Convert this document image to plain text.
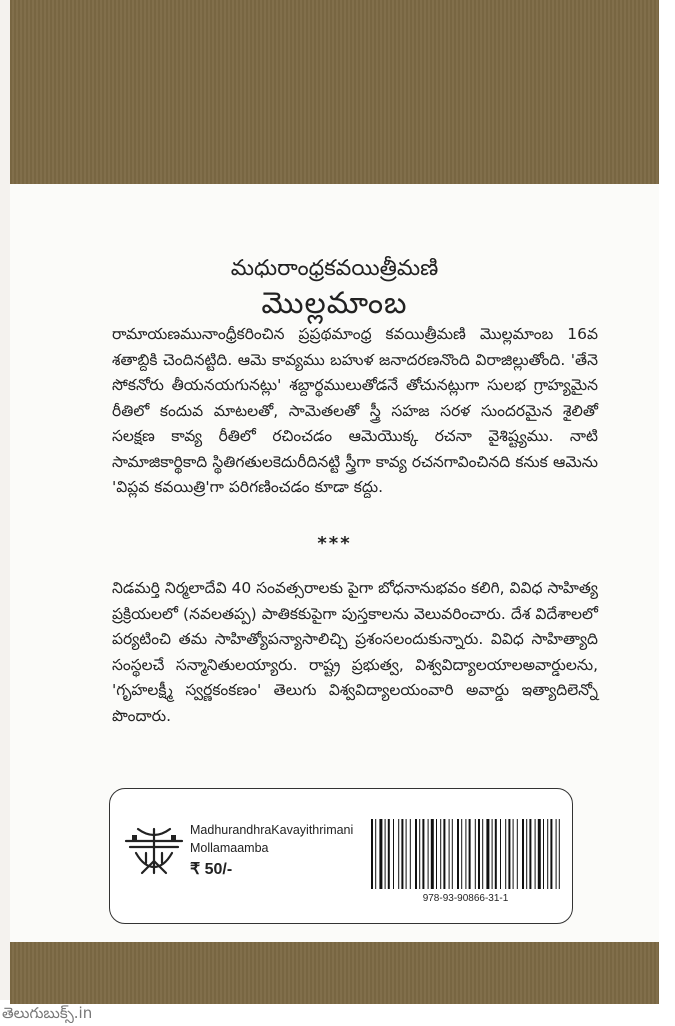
మధురాంధ్రకవయిత్రీమణి
మొల్లమాంబ

రామాయణమునాంధ్రీకరించిన ప్రప్రథమాంధ్ర కవయిత్రీమణి మొల్లమాంబ 16వ శతాబ్దికి చెందినట్టిది. ఆమె కావ్యము బహుళ జనాదరణనొంది విరాజిల్లుతోంది. 'తేనె సోకనోరు తీయనయగునట్లు' శబ్దార్థములుతోడనే తోచునట్లుగా సులభ గ్రాహ్యమైన రీతిలో కందువ మాటలతో, సామెతలతో స్త్రీ సహజ సరళ సుందరమైన శైలితో సలక్షణ కావ్య రీతిలో రచించడం ఆమెయొక్క రచనా వైశిష్ట్యము. నాటి సామాజికార్థికాది స్థితిగతులకెదురీదినట్టి స్త్రీగా కావ్య రచనగావించినది కనుక ఆమెను 'విప్లవ కవయిత్రి'గా పరిగణించడం కూడా కద్దు.

***

నిడమర్తి నిర్మలాదేవి 40 సంవత్సరాలకు పైగా బోధనానుభవం కలిగి, వివిధ సాహిత్య ప్రక్రియలలో (నవలతప్ప) పాతికకుపైగా పుస్తకాలను వెలువరించారు. దేశ విదేశాలలో పర్యటించి తమ సాహిత్యోపన్యాసాలిచ్చి ప్రశంసలందుకున్నారు. వివిధ సాహిత్యాది సంస్థలచే సన్మానితులయ్యారు. రాష్ట్ర ప్రభుత్వ, విశ్వవిద్యాలయాలఅవార్డులను, 'గృహలక్ష్మీ స్వర్ణకంకణం' తెలుగు విశ్వవిద్యాలయంవారి అవార్డు ఇత్యాదిలెన్నో పొందారు.

MadhurandhraKavayithrimani
Mollamaamba
₹ 50/-
978-93-90866-31-1
తెలుగుబుక్స్.in
